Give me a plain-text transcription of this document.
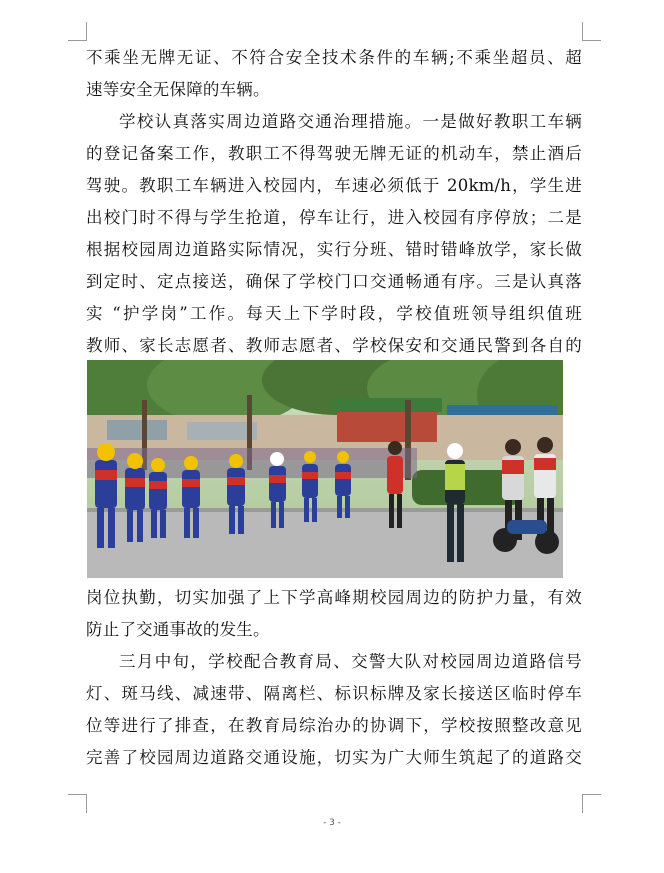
不乘坐无牌无证、不符合安全技术条件的车辆;不乘坐超员、超
速等安全无保障的车辆。
学校认真落实周边道路交通治理措施。一是做好教职工车辆
的登记备案工作，教职工不得驾驶无牌无证的机动车，禁止酒后
驾驶。教职工车辆进入校园内，车速必须低于 20km/h，学生进
出校门时不得与学生抢道，停车让行，进入校园有序停放；二是
根据校园周边道路实际情况，实行分班、错时错峰放学，家长做
到定时、定点接送，确保了学校门口交通畅通有序。三是认真落
实 “护学岗”工作。每天上下学时段，学校值班领导组织值班
教师、家长志愿者、教师志愿者、学校保安和交通民警到各自的
岗位执勤，切实加强了上下学高峰期校园周边的防护力量，有效
防止了交通事故的发生。
三月中旬，学校配合教育局、交警大队对校园周边道路信号
灯、斑马线、减速带、隔离栏、标识标牌及家长接送区临时停车
位等进行了排查，在教育局综治办的协调下，学校按照整改意见
完善了校园周边道路交通设施，切实为广大师生筑起了的道路交
- 3 -
